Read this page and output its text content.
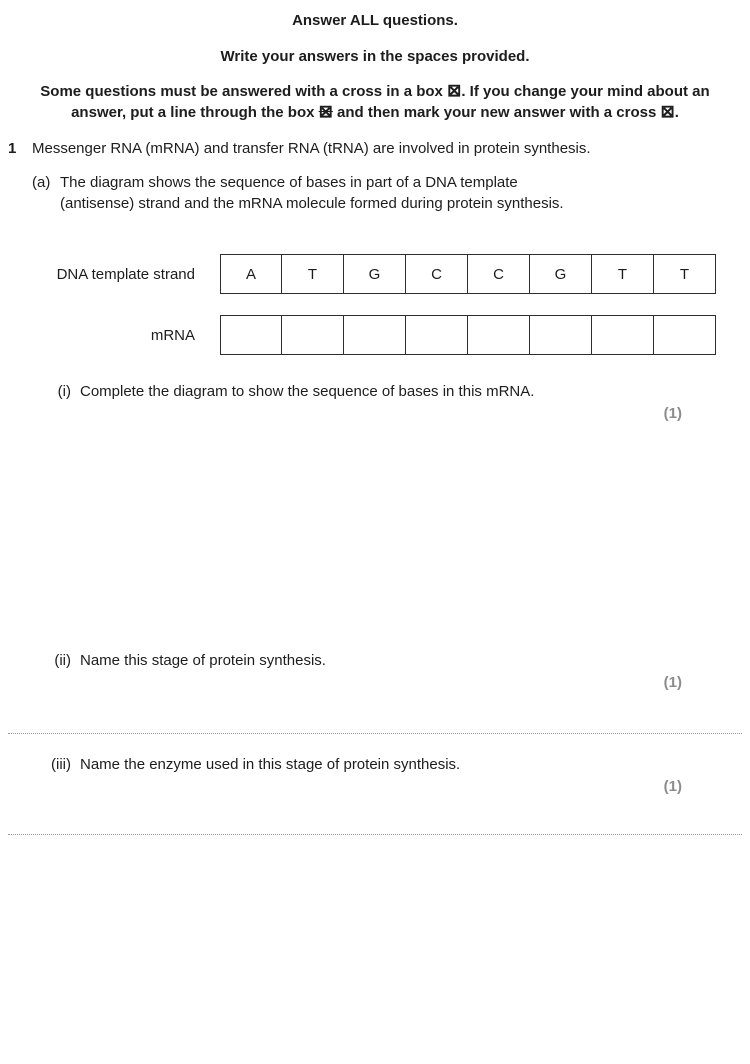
Answer ALL questions.
Write your answers in the spaces provided.
Some questions must be answered with a cross in a box ⊠. If you change your mind about an
answer, put a line through the box ⊠ and then mark your new answer with a cross ⊠.
1	Messenger RNA (mRNA) and transfer RNA (tRNA) are involved in protein synthesis.
(a) The diagram shows the sequence of bases in part of a DNA template
(antisense) strand and the mRNA molecule formed during protein synthesis.
DNA template strand	A	T	G	C	C	G	T	T
mRNA
(i) Complete the diagram to show the sequence of bases in this mRNA.
(1)
(ii) Name this stage of protein synthesis.
(1)
(iii) Name the enzyme used in this stage of protein synthesis.
(1)
